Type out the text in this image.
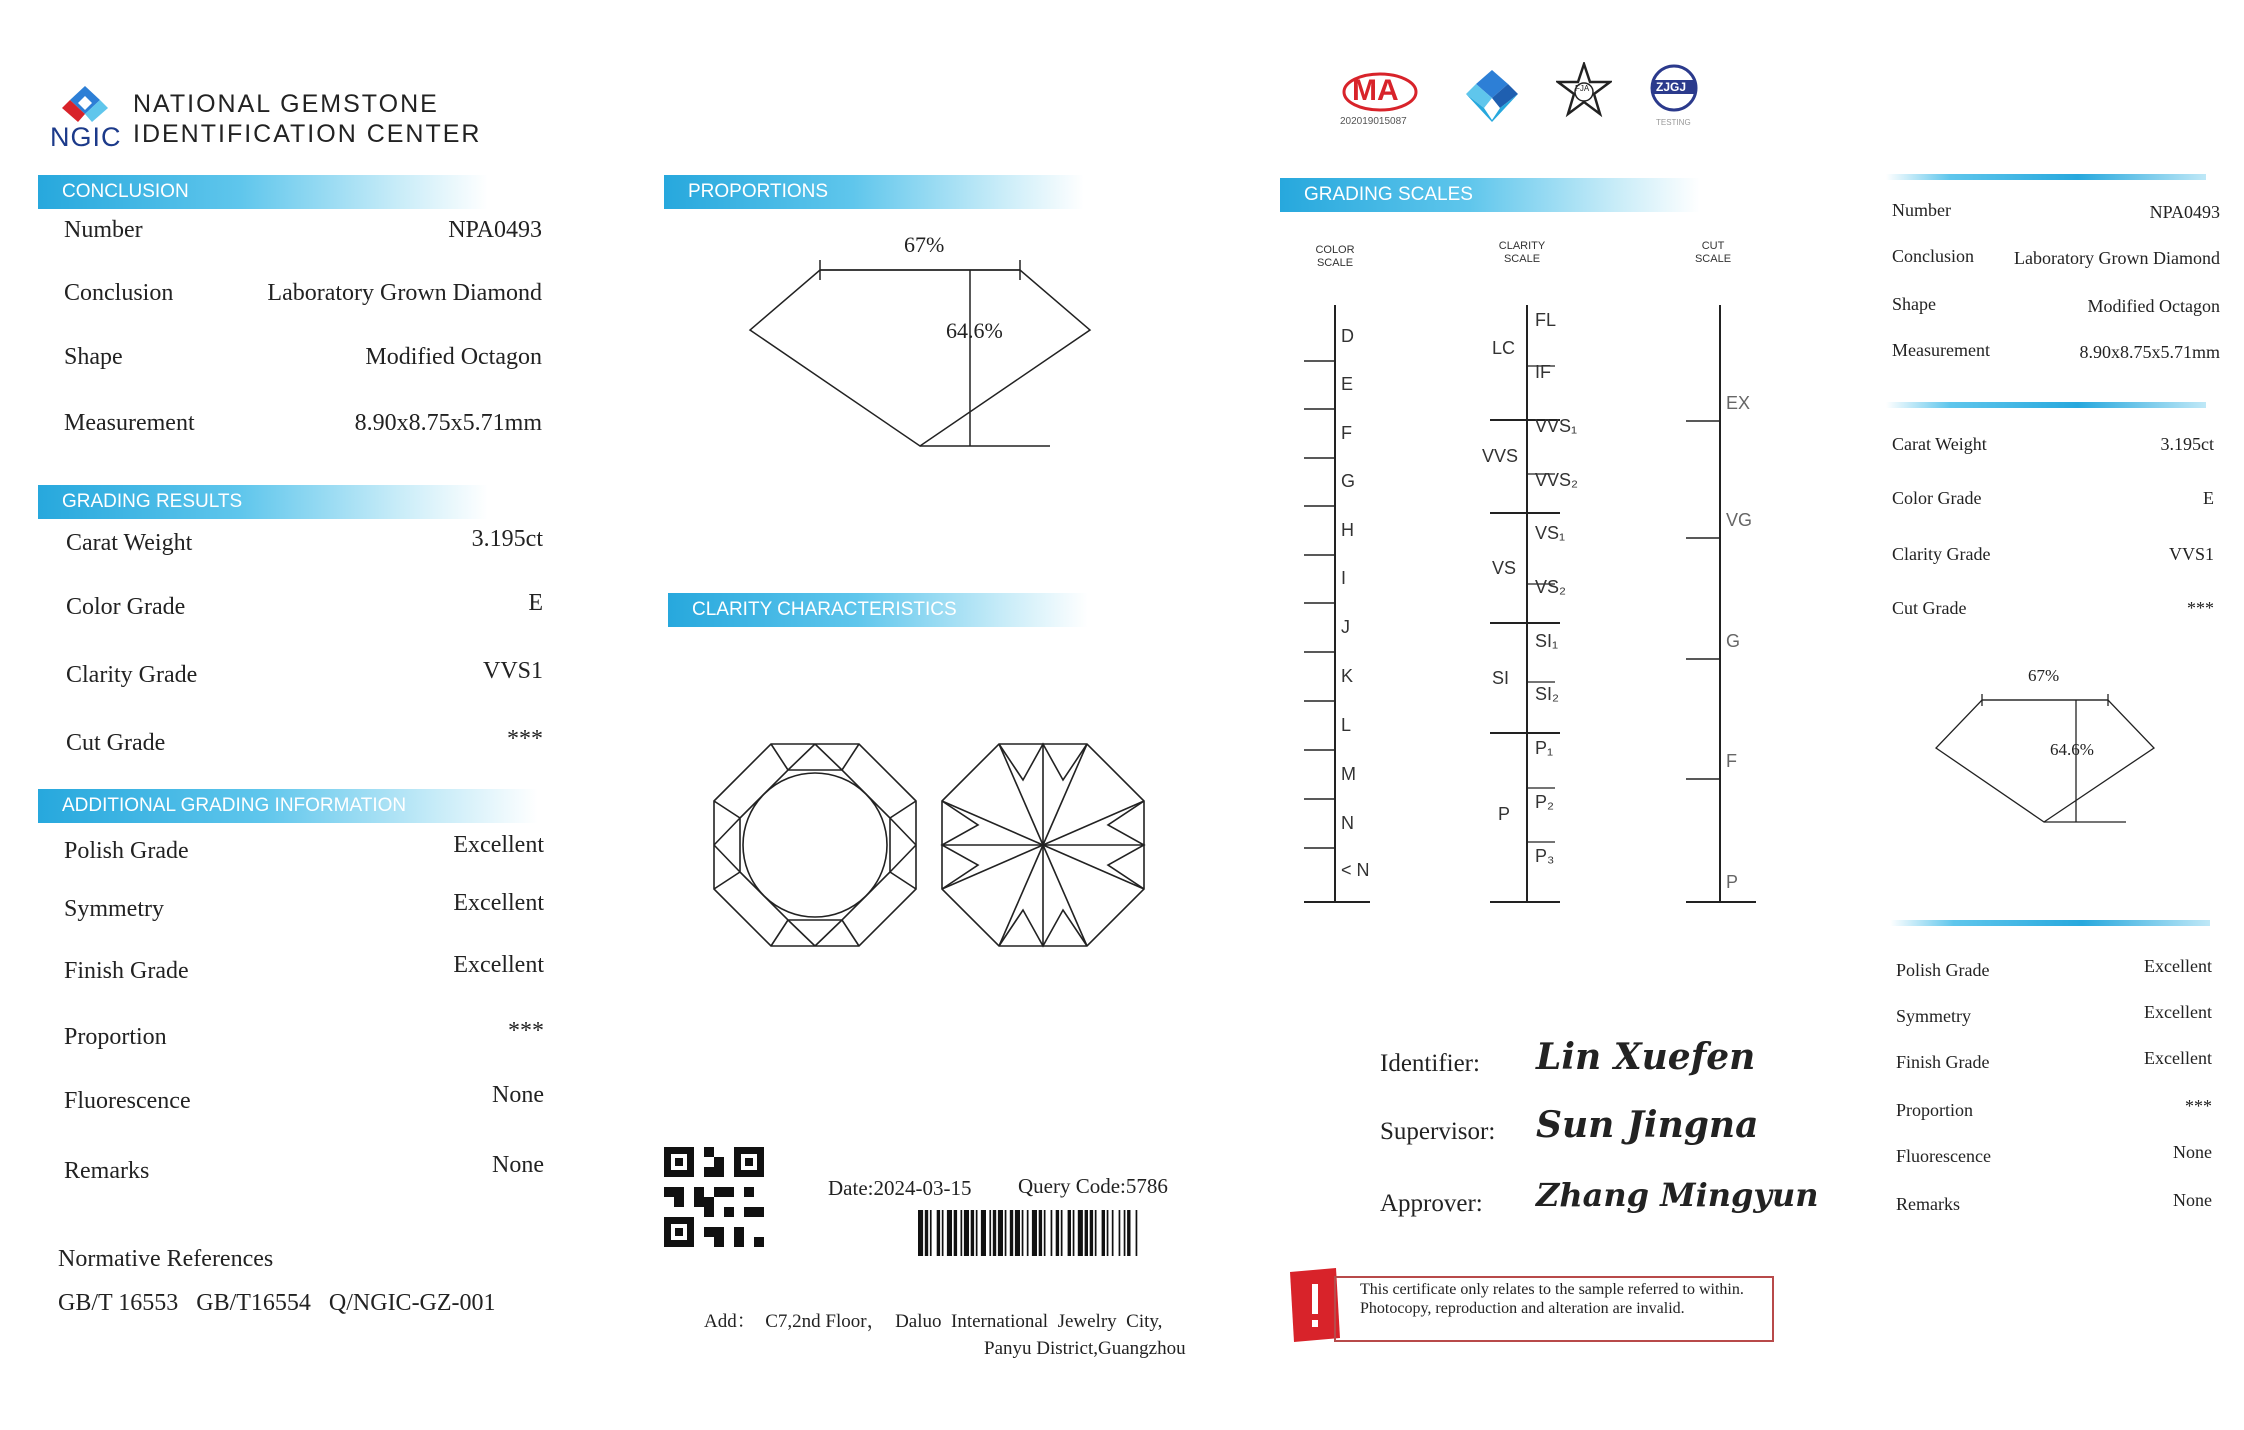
NGIC
NATIONAL GEMSTONE
IDENTIFICATION CENTER
CONCLUSION
Number	NPA0493
Conclusion	Laboratory Grown Diamond
Shape	Modified Octagon
Measurement	8.90x8.75x5.71mm
GRADING RESULTS
Carat Weight	3.195ct
Color Grade	E
Clarity Grade	VVS1
Cut Grade	***
ADDITIONAL GRADING INFORMATION
Polish Grade	Excellent
Symmetry	Excellent
Finish Grade	Excellent
Proportion	***
Fluorescence	None
Remarks	None
Normative References
GB/T 16553   GB/T16554   Q/NGIC-GZ-001
PROPORTIONS
67%
64.6%
CLARITY CHARACTERISTICS
Date:2024-03-15 Query Code:5786
Add：  C7,2nd Floor，  Daluo  International  Jewelry  City,
Panyu District,Guangzhou
MA
202019015087
FJA	ZJGJ
TESTING
GRADING SCALES
COLOR
SCALE
CLARITY
SCALE
CUT
SCALE
D
E
F
G
H
I
J
K
L
M
N
< N
FL
IF
VVS₁
VVS₂
VS₁
VS₂
SI₁
SI₂
P₁
P₂
P₃
LC
VVS
VS
SI
P
EX
VG
G
F
P
Identifier: Lin Xuefen
Supervisor: Sun Jingna
Approver: Zhang Mingyun
This certificate only relates to the sample referred to within. Photocopy, reproduction and alteration are invalid.
Number	NPA0493
Conclusion Laboratory Grown Diamond
Shape	Modified Octagon
Measurement	8.90x8.75x5.71mm
Carat Weight	3.195ct
Color Grade	E
Clarity Grade	VVS1
Cut Grade	***
67%
64.6%
Polish Grade	Excellent
Symmetry	Excellent
Finish Grade	Excellent
Proportion	***
Fluorescence	None
Remarks	None
